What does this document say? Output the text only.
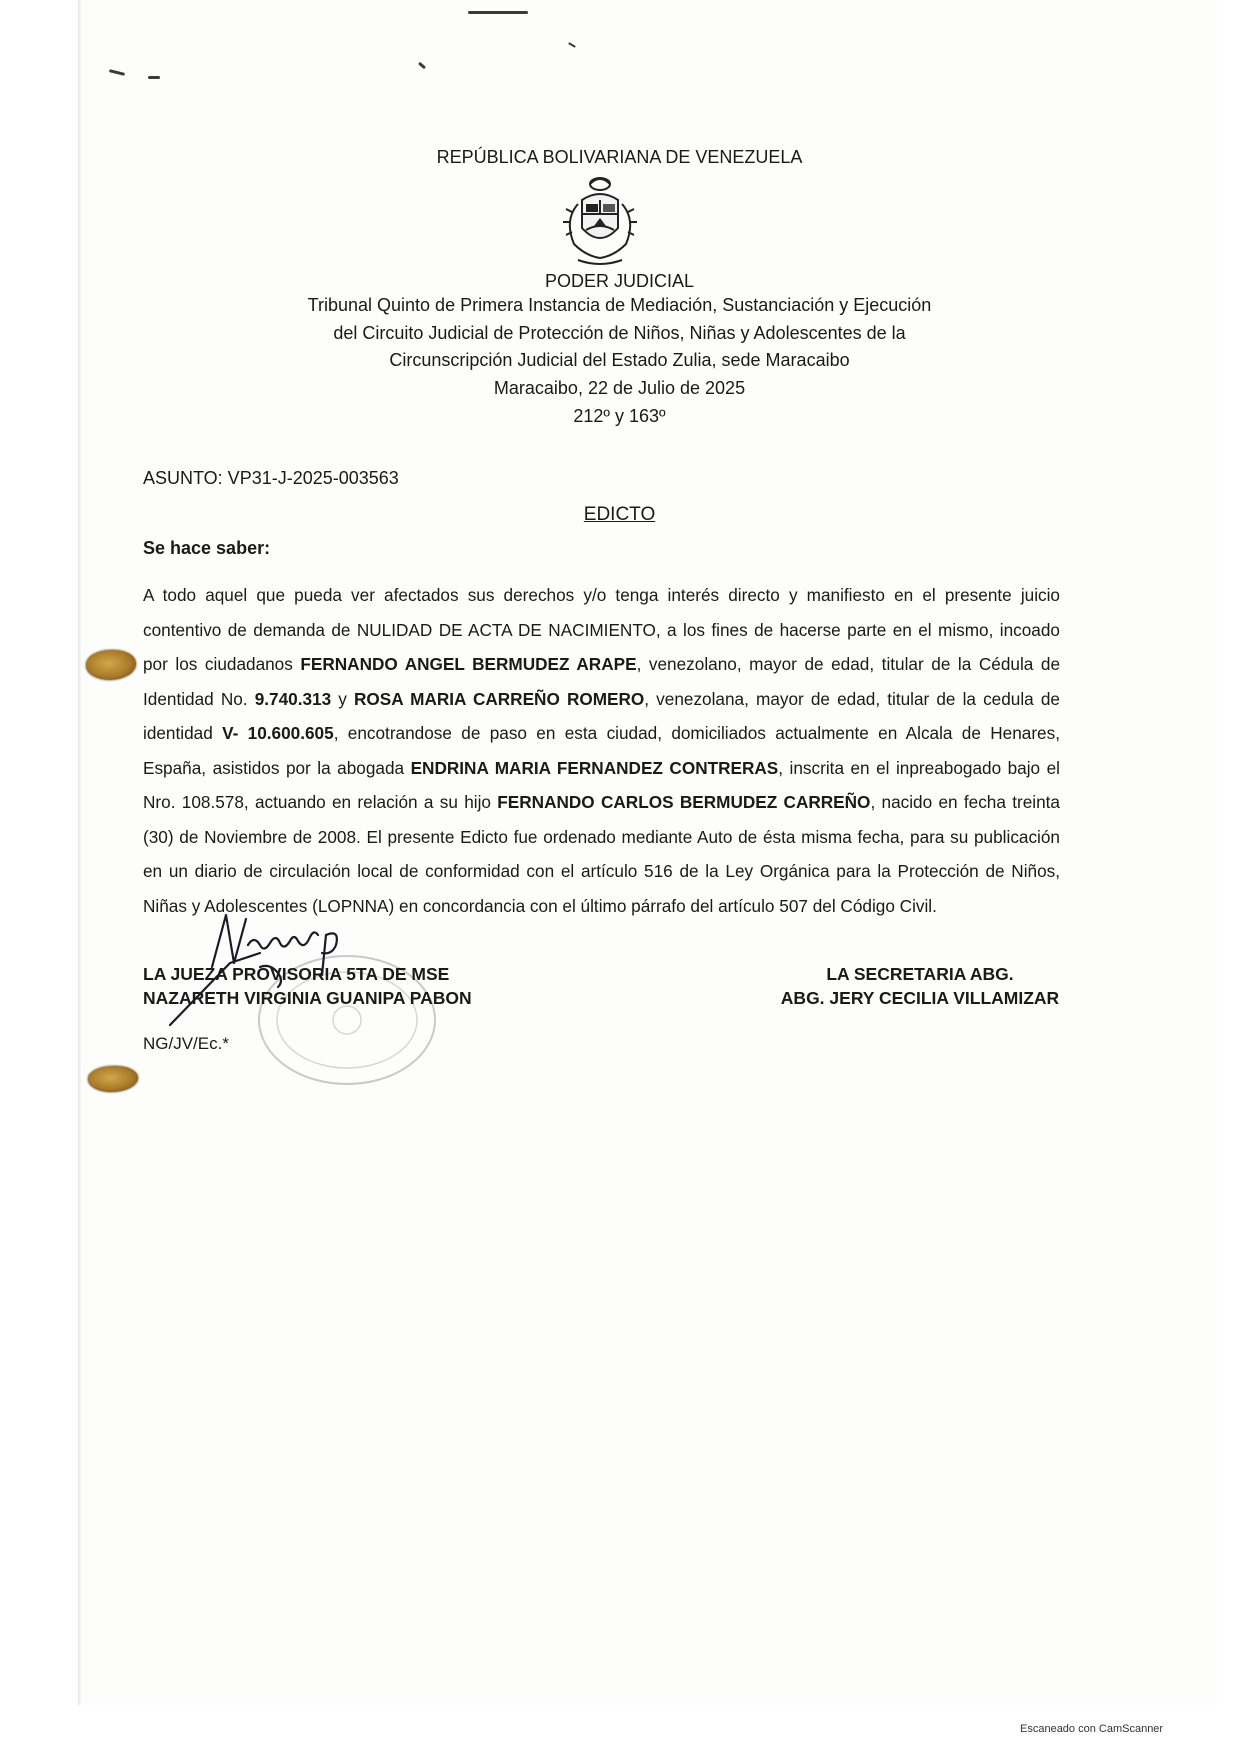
REPÚBLICA BOLIVARIANA DE VENEZUELA
PODER JUDICIAL
Tribunal Quinto de Primera Instancia de Mediación, Sustanciación y Ejecución
del Circuito Judicial de Protección de Niños, Niñas y Adolescentes de la
Circunscripción Judicial del Estado Zulia, sede Maracaibo
Maracaibo, 22 de Julio de 2025
212º y 163º
ASUNTO: VP31-J-2025-003563
EDICTO
Se hace saber:
A todo aquel que pueda ver afectados sus derechos y/o tenga interés directo y manifiesto en el presente juicio contentivo de demanda de NULIDAD DE ACTA DE NACIMIENTO, a los fines de hacerse parte en el mismo, incoado por los ciudadanos FERNANDO ANGEL BERMUDEZ ARAPE, venezolano, mayor de edad, titular de la Cédula de Identidad No. 9.740.313 y ROSA MARIA CARREÑO ROMERO, venezolana, mayor de edad, titular de la cedula de identidad V- 10.600.605, encotrandose de paso en esta ciudad, domiciliados actualmente en Alcala de Henares, España, asistidos por la abogada ENDRINA MARIA FERNANDEZ CONTRERAS, inscrita en el inpreabogado bajo el Nro. 108.578, actuando en relación a su hijo FERNANDO CARLOS BERMUDEZ CARREÑO, nacido en fecha treinta (30) de Noviembre de 2008. El presente Edicto fue ordenado mediante Auto de ésta misma fecha, para su publicación en un diario de circulación local de conformidad con el artículo 516 de la Ley Orgánica para la Protección de Niños, Niñas y Adolescentes (LOPNNA) en concordancia con el último párrafo del artículo 507 del Código Civil.
LA JUEZA PROVISORIA 5TA DE MSE
NAZARETH VIRGINIA GUANIPA PABON
LA SECRETARIA ABG.
ABG. JERY CECILIA VILLAMIZAR
NG/JV/Ec.*
Escaneado con CamScanner
